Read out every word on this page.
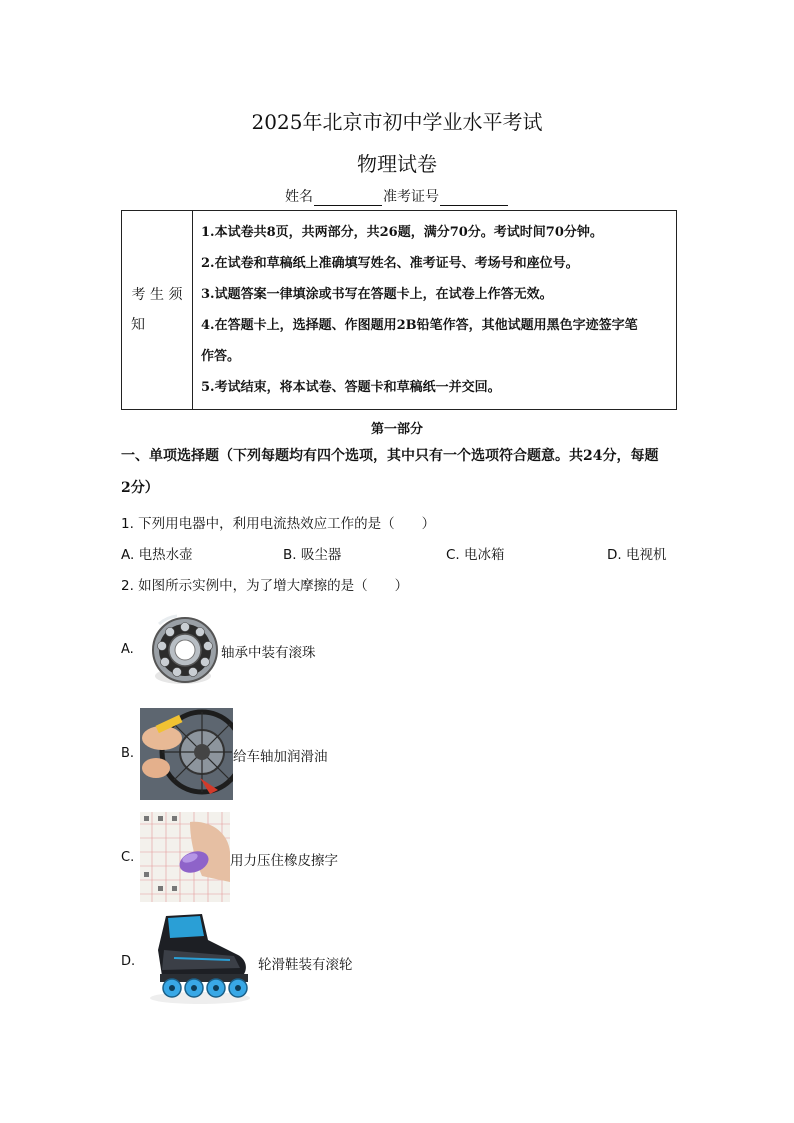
2025年北京市初中学业水平考试
物理试卷
姓名	准考证号
考 生 须
知

1.本试卷共8页，共两部分，共26题，满分70分。考试时间70分钟。
2.在试卷和草稿纸上准确填写姓名、准考证号、考场号和座位号。
3.试题答案一律填涂或书写在答题卡上，在试卷上作答无效。
4.在答题卡上，选择题、作图题用2B铅笔作答，其他试题用黑色字迹签字笔
作答。
5.考试结束，将本试卷、答题卡和草稿纸一并交回。
第一部分
一、单项选择题（下列每题均有四个选项，其中只有一个选项符合题意。共24分，每题
2分）
1. 下列用电器中，利用电流热效应工作的是（　　）
A. 电热水壶	B. 吸尘器	C. 电冰箱	D. 电视机
2. 如图所示实例中，为了增大摩擦的是（　　）
A.	轴承中装有滚珠
B.	给车轴加润滑油
C.	用力压住橡皮擦字
D.	轮滑鞋装有滚轮
